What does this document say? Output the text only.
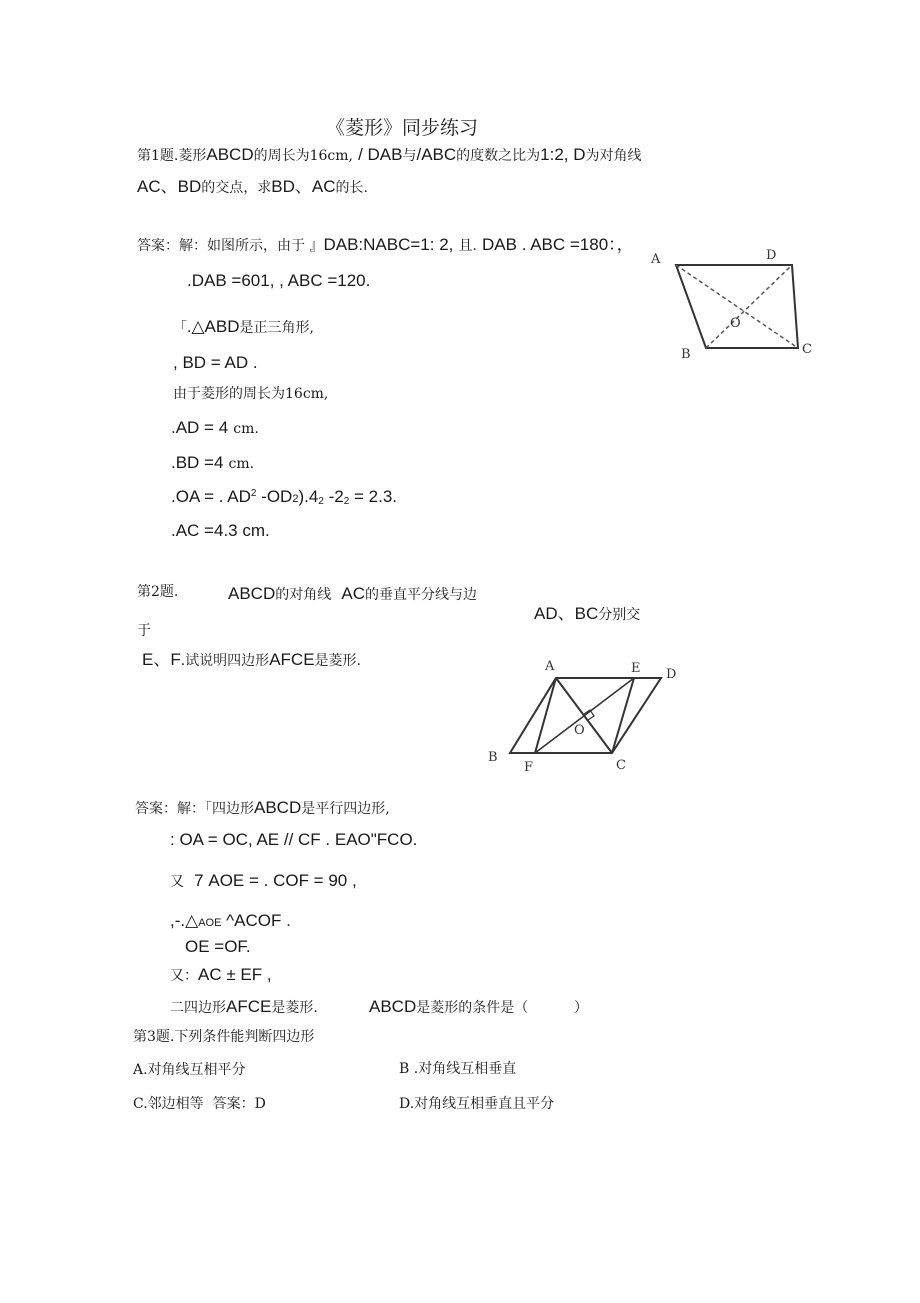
《菱形》同步练习
第1题.菱形ABCD的周长为16cm, / DAB与/ABC的度数之比为1:2, D为对角线
AC、BD的交点，求BD、AC的长.
答案：解：如图所示，由于 』DAB:NABC=1: 2, 且. DAB . ABC =180：，
.DAB =601, , ABC =120.
「.△ABD是正三角形,
, BD = AD .
由于菱形的周长为16cm,
.AD = 4 cm.
.BD =4 cm.
.OA = . $AD^2$ $-OD2).4_2$ $-2_2 = 2.3$.
.AC =4.3 cm.
A	D
O
B	C
第2题.	ABCD的对角线 AC的垂直平分线与边
AD、BC分别交
于
E、F.试说明四边形AFCE是菱形.	A	E D
O
B
F	C
答案：解：「四边形ABCD是平行四边形,
: OA = OC, AE // CF . EAO"FCO.
又 7 AOE = . COF = 90 ,
,-.△AOE ^ACOF .
OE =OF.
又：AC ± EF ,
二四边形AFCE是菱形.	ABCD是菱形的条件是（	）
第3题.下列条件能判断四边形
A.对角线互相平分	B .对角线互相垂直
C.邻边相等 答案：D	D.对角线互相垂直且平分
